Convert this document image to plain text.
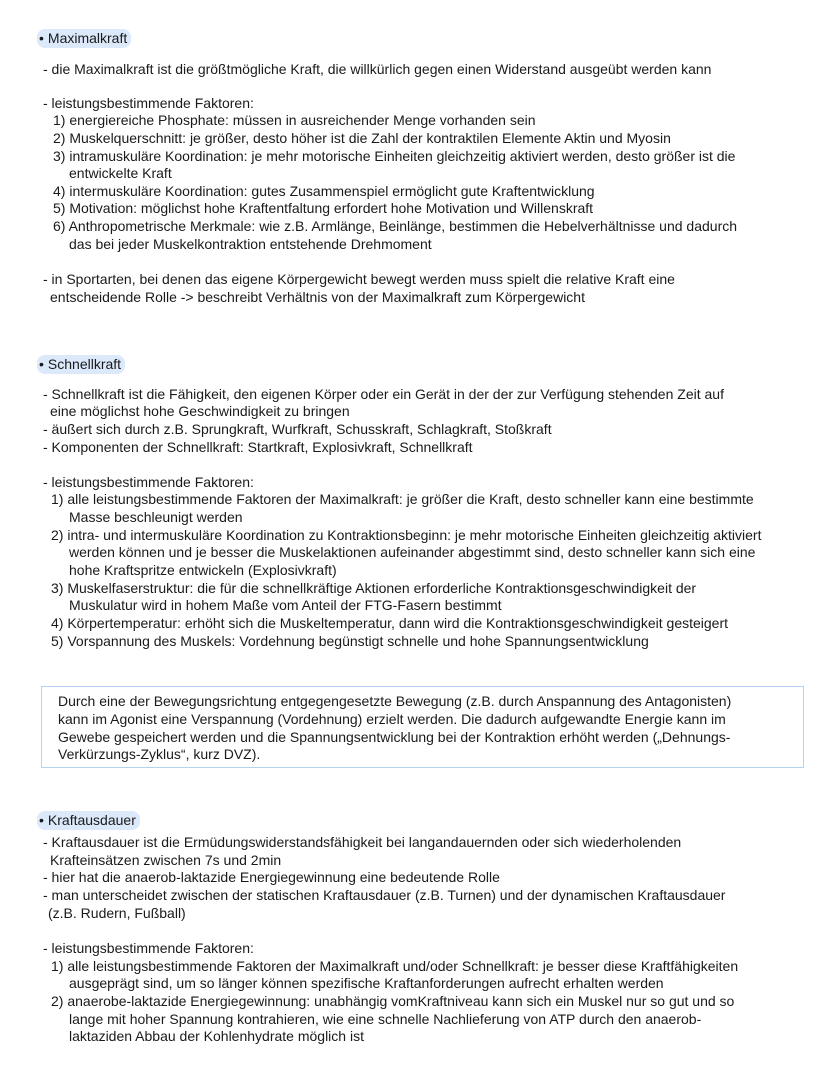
• Maximalkraft
- die Maximalkraft ist die größtmögliche Kraft, die willkürlich gegen einen Widerstand ausgeübt werden kann
- leistungsbestimmende Faktoren:
1) energiereiche Phosphate: müssen in ausreichender Menge vorhanden sein
2) Muskelquerschnitt: je größer, desto höher ist die Zahl der kontraktilen Elemente Aktin und Myosin
3) intramuskuläre Koordination: je mehr motorische Einheiten gleichzeitig aktiviert werden, desto größer ist die
entwickelte Kraft
4) intermuskuläre Koordination: gutes Zusammenspiel ermöglicht gute Kraftentwicklung
5) Motivation: möglichst hohe Kraftentfaltung erfordert hohe Motivation und Willenskraft
6) Anthropometrische Merkmale: wie z.B. Armlänge, Beinlänge, bestimmen die Hebelverhältnisse und dadurch
das bei jeder Muskelkontraktion entstehende Drehmoment
- in Sportarten, bei denen das eigene Körpergewicht bewegt werden muss spielt die relative Kraft eine
entscheidende Rolle -> beschreibt Verhältnis von der Maximalkraft zum Körpergewicht
• Schnellkraft
- Schnellkraft ist die Fähigkeit, den eigenen Körper oder ein Gerät in der der zur Verfügung stehenden Zeit auf
eine möglichst hohe Geschwindigkeit zu bringen
- äußert sich durch z.B. Sprungkraft, Wurfkraft, Schusskraft, Schlagkraft, Stoßkraft
- Komponenten der Schnellkraft: Startkraft, Explosivkraft, Schnellkraft
- leistungsbestimmende Faktoren:
1) alle leistungsbestimmende Faktoren der Maximalkraft: je größer die Kraft, desto schneller kann eine bestimmte
Masse beschleunigt werden
2) intra- und intermuskuläre Koordination zu Kontraktionsbeginn: je mehr motorische Einheiten gleichzeitig aktiviert
werden können und je besser die Muskelaktionen aufeinander abgestimmt sind, desto schneller kann sich eine
hohe Kraftspritze entwickeln (Explosivkraft)
3) Muskelfaserstruktur: die für die schnellkräftige Aktionen erforderliche Kontraktionsgeschwindigkeit der
Muskulatur wird in hohem Maße vom Anteil der FTG-Fasern bestimmt
4) Körpertemperatur: erhöht sich die Muskeltemperatur, dann wird die Kontraktionsgeschwindigkeit gesteigert
5) Vorspannung des Muskels: Vordehnung begünstigt schnelle und hohe Spannungsentwicklung
Durch eine der Bewegungsrichtung entgegengesetzte Bewegung (z.B. durch Anspannung des Antagonisten)
kann im Agonist eine Verspannung (Vordehnung) erzielt werden. Die dadurch aufgewandte Energie kann im
Gewebe gespeichert werden und die Spannungsentwicklung bei der Kontraktion erhöht werden („Dehnungs-
Verkürzungs-Zyklus“, kurz DVZ).
• Kraftausdauer
- Kraftausdauer ist die Ermüdungswiderstandsfähigkeit bei langandauernden oder sich wiederholenden
Krafteinsätzen zwischen 7s und 2min
- hier hat die anaerob-laktazide Energiegewinnung eine bedeutende Rolle
- man unterscheidet zwischen der statischen Kraftausdauer (z.B. Turnen) und der dynamischen Kraftausdauer
(z.B. Rudern, Fußball)
- leistungsbestimmende Faktoren:
1) alle leistungsbestimmende Faktoren der Maximalkraft und/oder Schnellkraft: je besser diese Kraftfähigkeiten
ausgeprägt sind, um so länger können spezifische Kraftanforderungen aufrecht erhalten werden
2) anaerobe-laktazide Energiegewinnung: unabhängig vomKraftniveau kann sich ein Muskel nur so gut und so
lange mit hoher Spannung kontrahieren, wie eine schnelle Nachlieferung von ATP durch den anaerob-
laktaziden Abbau der Kohlenhydrate möglich ist
